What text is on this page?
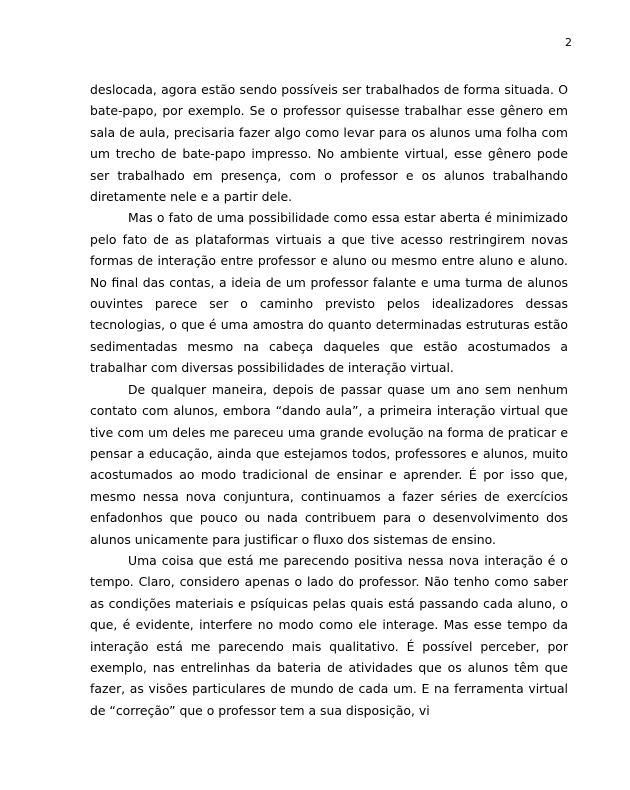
2

deslocada, agora estão sendo possíveis ser trabalhados de forma situada. O bate-papo, por exemplo. Se o professor quisesse trabalhar esse gênero em sala de aula, precisaria fazer algo como levar para os alunos uma folha com um trecho de bate-papo impresso. No ambiente virtual, esse gênero pode ser trabalhado em presença, com o professor e os alunos trabalhando diretamente nele e a partir dele.

Mas o fato de uma possibilidade como essa estar aberta é minimizado pelo fato de as plataformas virtuais a que tive acesso restringirem novas formas de interação entre professor e aluno ou mesmo entre aluno e aluno. No final das contas, a ideia de um professor falante e uma turma de alunos ouvintes parece ser o caminho previsto pelos idealizadores dessas tecnologias, o que é uma amostra do quanto determinadas estruturas estão sedimentadas mesmo na cabeça daqueles que estão acostumados a trabalhar com diversas possibilidades de interação virtual.

De qualquer maneira, depois de passar quase um ano sem nenhum contato com alunos, embora “dando aula”, a primeira interação virtual que tive com um deles me pareceu uma grande evolução na forma de praticar e pensar a educação, ainda que estejamos todos, professores e alunos, muito acostumados ao modo tradicional de ensinar e aprender. É por isso que, mesmo nessa nova conjuntura, continuamos a fazer séries de exercícios enfadonhos que pouco ou nada contribuem para o desenvolvimento dos alunos unicamente para justificar o fluxo dos sistemas de ensino.

Uma coisa que está me parecendo positiva nessa nova interação é o tempo. Claro, considero apenas o lado do professor. Não tenho como saber as condições materiais e psíquicas pelas quais está passando cada aluno, o que, é evidente, interfere no modo como ele interage. Mas esse tempo da interação está me parecendo mais qualitativo. É possível perceber, por exemplo, nas entrelinhas da bateria de atividades que os alunos têm que fazer, as visões particulares de mundo de cada um. E na ferramenta virtual de “correção” que o professor tem a sua disposição, vi
